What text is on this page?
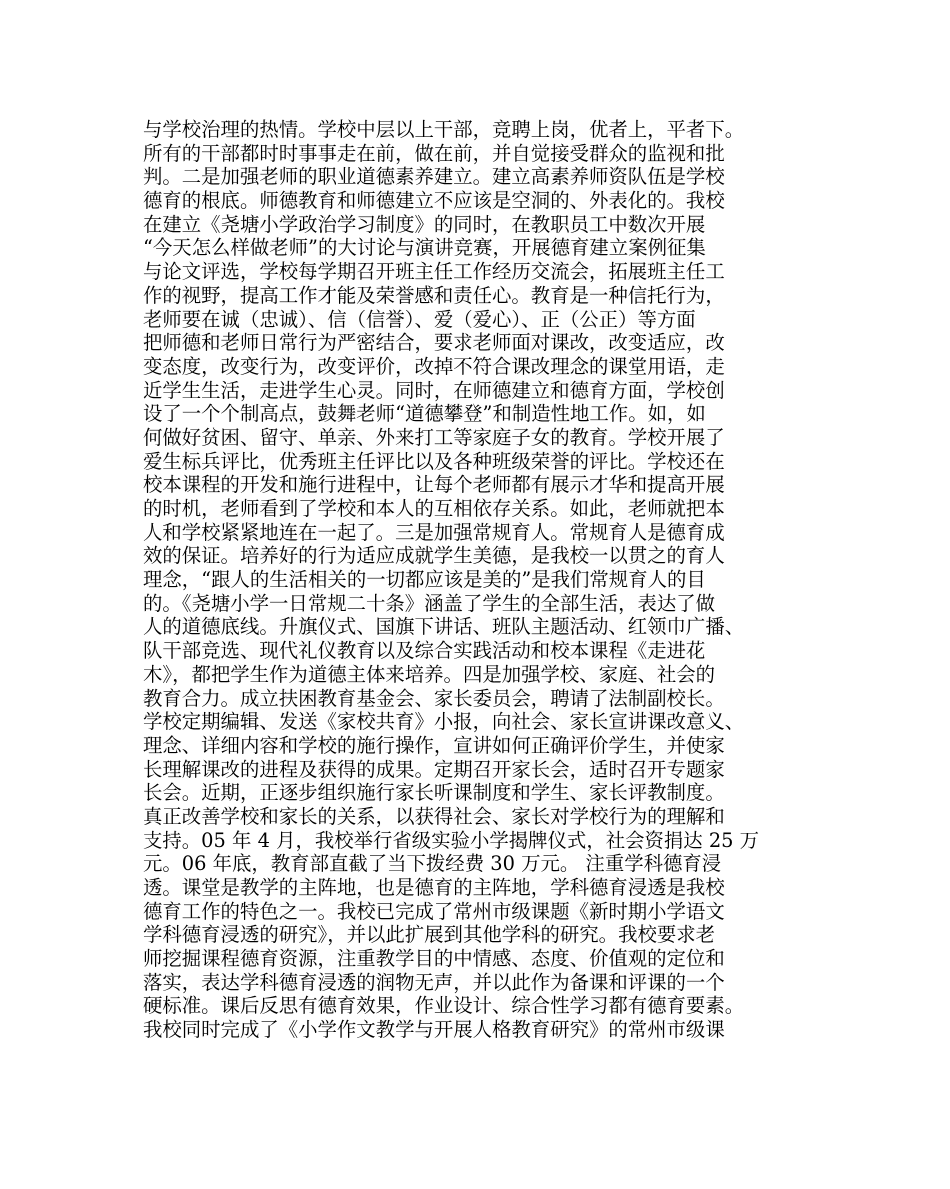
与学校治理的热情。学校中层以上干部，竞聘上岗，优者上，平者下。
所有的干部都时时事事走在前，做在前，并自觉接受群众的监视和批
判。二是加强老师的职业道德素养建立。建立高素养师资队伍是学校
德育的根底。师德教育和师德建立不应该是空洞的、外表化的。我校
在建立《尧塘小学政治学习制度》的同时，在教职员工中数次开展
“今天怎么样做老师”的大讨论与演讲竞赛，开展德育建立案例征集
与论文评选，学校每学期召开班主任工作经历交流会，拓展班主任工
作的视野，提高工作才能及荣誉感和责任心。教育是一种信托行为，
老师要在诚（忠诚）、信（信誉）、爱（爱心）、正（公正）等方面
把师德和老师日常行为严密结合，要求老师面对课改，改变适应，改
变态度，改变行为，改变评价，改掉不符合课改理念的课堂用语，走
近学生生活，走进学生心灵。同时，在师德建立和德育方面，学校创
设了一个个制高点，鼓舞老师“道德攀登”和制造性地工作。如，如
何做好贫困、留守、单亲、外来打工等家庭子女的教育。学校开展了
爱生标兵评比，优秀班主任评比以及各种班级荣誉的评比。学校还在
校本课程的开发和施行进程中，让每个老师都有展示才华和提高开展
的时机，老师看到了学校和本人的互相依存关系。如此，老师就把本
人和学校紧紧地连在一起了。三是加强常规育人。常规育人是德育成
效的保证。培养好的行为适应成就学生美德，是我校一以贯之的育人
理念，“跟人的生活相关的一切都应该是美的”是我们常规育人的目
的。《尧塘小学一日常规二十条》涵盖了学生的全部生活，表达了做
人的道德底线。升旗仪式、国旗下讲话、班队主题活动、红领巾广播、
队干部竞选、现代礼仪教育以及综合实践活动和校本课程《走进花
木》，都把学生作为道德主体来培养。四是加强学校、家庭、社会的
教育合力。成立扶困教育基金会、家长委员会，聘请了法制副校长。
学校定期编辑、发送《家校共育》小报，向社会、家长宣讲课改意义、
理念、详细内容和学校的施行操作，宣讲如何正确评价学生，并使家
长理解课改的进程及获得的成果。定期召开家长会，适时召开专题家
长会。近期，正逐步组织施行家长听课制度和学生、家长评教制度。
真正改善学校和家长的关系，以获得社会、家长对学校行为的理解和
支持。05 年 4 月，我校举行省级实验小学揭牌仪式，社会资捐达 25 万
元。06 年底，教育部直截了当下拨经费 30 万元。 注重学科德育浸
透。课堂是教学的主阵地，也是德育的主阵地，学科德育浸透是我校
德育工作的特色之一。我校已完成了常州市级课题《新时期小学语文
学科德育浸透的研究》，并以此扩展到其他学科的研究。我校要求老
师挖掘课程德育资源，注重教学目的中情感、态度、价值观的定位和
落实，表达学科德育浸透的润物无声，并以此作为备课和评课的一个
硬标准。课后反思有德育效果，作业设计、综合性学习都有德育要素。
我校同时完成了《小学作文教学与开展人格教育研究》的常州市级课
